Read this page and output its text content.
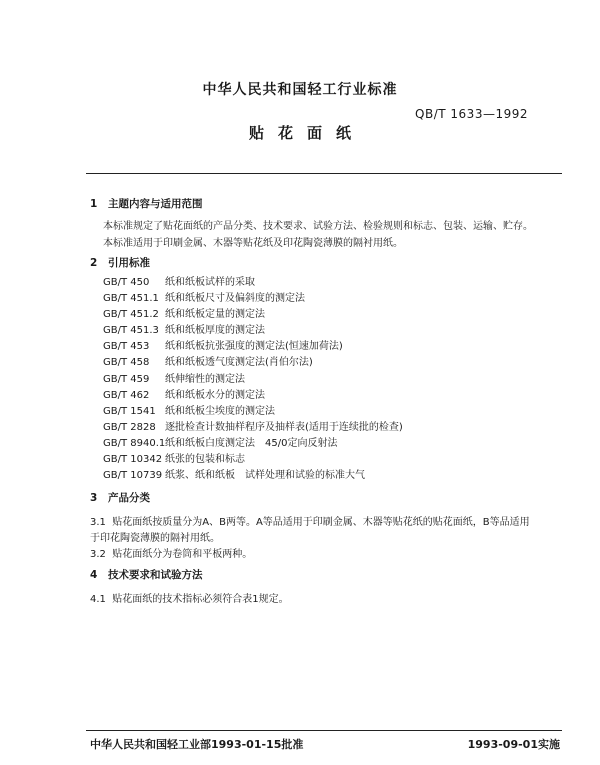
中华人民共和国轻工行业标准
QB/T 1633—1992
贴花面纸
1 主题内容与适用范围
本标准规定了贴花面纸的产品分类、技术要求、试验方法、检验规则和标志、包装、运输、贮存。
本标准适用于印刷金属、木器等贴花纸及印花陶瓷薄膜的隔衬用纸。
2 引用标准
GB/T 450 纸和纸板试样的采取
GB/T 451.1 纸和纸板尺寸及偏斜度的测定法
GB/T 451.2 纸和纸板定量的测定法
GB/T 451.3 纸和纸板厚度的测定法
GB/T 453 纸和纸板抗张强度的测定法(恒速加荷法)
GB/T 458 纸和纸板透气度测定法(肖伯尔法)
GB/T 459 纸伸缩性的测定法
GB/T 462 纸和纸板水分的测定法
GB/T 1541 纸和纸板尘埃度的测定法
GB/T 2828 逐批检查计数抽样程序及抽样表(适用于连续批的检查)
GB/T 8940.1纸和纸板白度测定法　45/0定向反射法
GB/T 10342 纸张的包装和标志
GB/T 10739 纸浆、纸和纸板　试样处理和试验的标准大气
3 产品分类
3.1 贴花面纸按质量分为A、B两等。A等品适用于印刷金属、木器等贴花纸的贴花面纸，B等品适用
于印花陶瓷薄膜的隔衬用纸。
3.2 贴花面纸分为卷筒和平板两种。
4 技术要求和试验方法
4.1 贴花面纸的技术指标必须符合表1规定。
中华人民共和国轻工业部1993-01-15批准	1993-09-01实施
